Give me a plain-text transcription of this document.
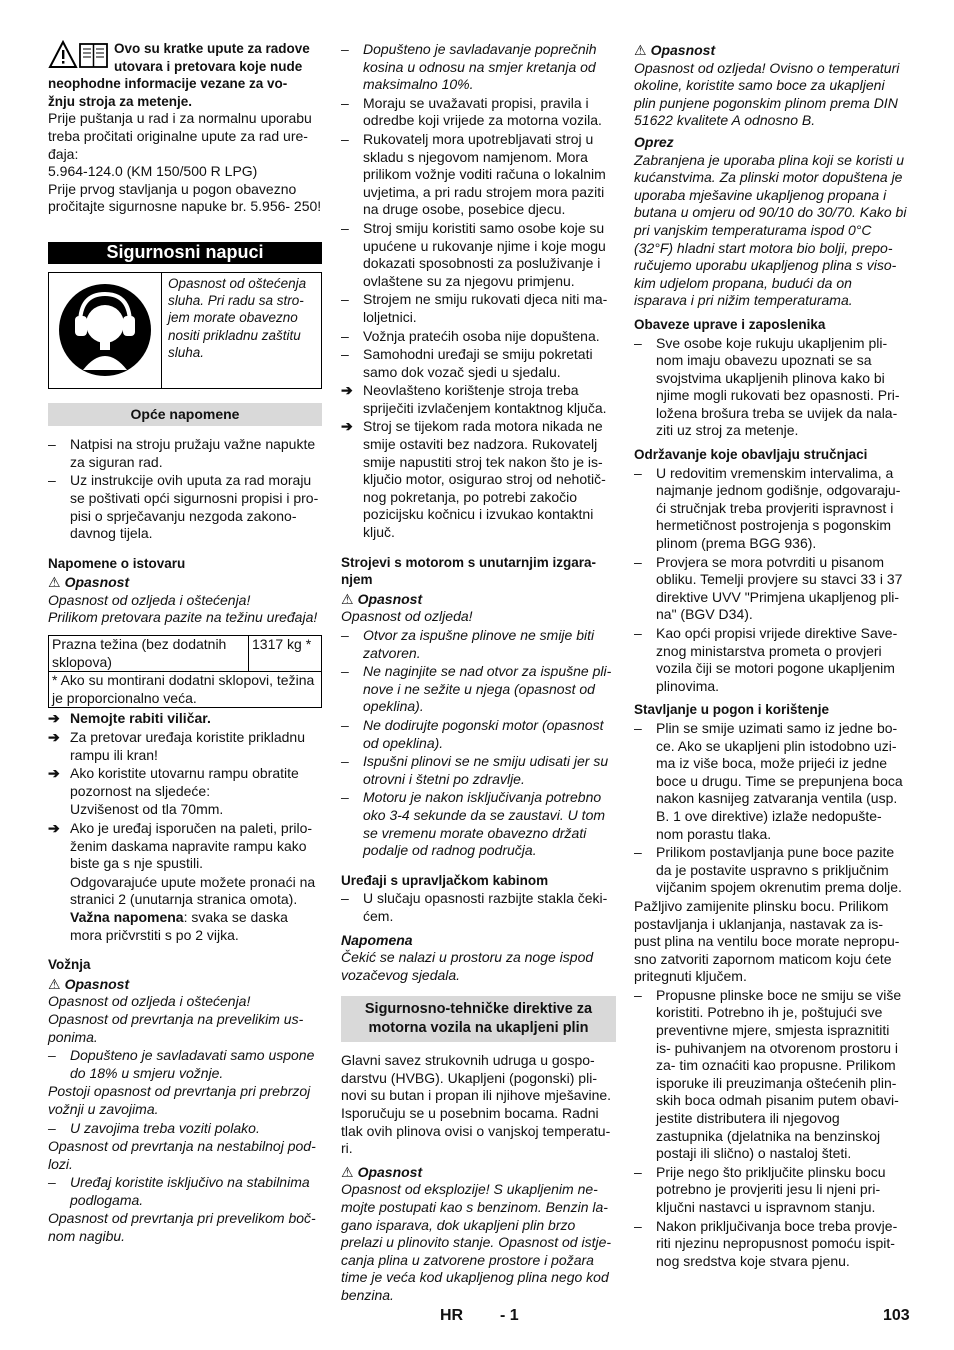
Ovo su kratke upute za radove utovara i pretovara koje nude

neophodne informacije vezane za vo-

žnju stroja za metenje.

Prije puštanja u rad i za normalnu uporabu treba pročitati originalne upute za rad ure- đaja:

5.964-124.0 (KM 150/500 R LPG)

Prije prvog stavljanja u pogon obavezno pročitajte sigurnosne napuke br. 5.956- 250!

Sigurnosni napuci
Opasnost od oštećenja sluha. Pri radu sa stro- jem morate obavezno nositi prikladnu zaštitu sluha.
Opće napomene

– Natpisi na stroju pružaju važne napukte za siguran rad.

– Uz instrukcije ovih uputa za rad moraju se poštivati opći sigurnosni propisi i pro- pisi o sprječavanju nezgoda zakono- davnog tijela.

Napomene o istovaru

⚠ Opasnost

Opasnost od ozljeda i oštećenja!

Prilikom pretovara pazite na težinu uređaja!

Prazna težina (bez dodatnih sklopova)	1317 kg *
* Ako su montirani dodatni sklopovi, težina je proporcionalno veća.

➔ Nemojte rabiti viličar.

➔ Za pretovar uređaja koristite prikladnu rampu ili kran!

➔ Ako koristite utovarnu rampu obratite pozornost na sljedeće:

Uzvišenost od tla 70mm.

➔ Ako je uređaj isporučen na paleti, prilo- ženim daskama napravite rampu kako biste ga s nje spustili.

Odgovarajuće upute možete pronaći na stranici 2 (unutarnja stranica omota).

Važna napomena: svaka se daska mora pričvrstiti s po 2 vijka.

Vožnja

⚠ Opasnost

Opasnost od ozljeda i oštećenja!

Opasnost od prevrtanja na prevelikim us- ponima.

– Dopušteno je savladavati samo uspone do 18% u smjeru vožnje.

Postoji opasnost od prevrtanja pri prebrzoj vožnji u zavojima.

– U zavojima treba voziti polako.

Opasnost od prevrtanja na nestabilnoj pod- lozi.

– Uređaj koristite isključivo na stabilnima podlogama.

Opasnost od prevrtanja pri prevelikom boč- nom nagibu.

– Dopušteno je savladavanje poprečnih kosina u odnosu na smjer kretanja od maksimalno 10%.

– Moraju se uvažavati propisi, pravila i odredbe koji vrijede za motorna vozila.

– Rukovatelj mora upotrebljavati stroj u skladu s njegovom namjenom. Mora prilikom vožnje voditi računa o lokalnim uvjetima, a pri radu strojem mora paziti na druge osobe, posebice djecu.

– Stroj smiju koristiti samo osobe koje su upućene u rukovanje njime i koje mogu dokazati sposobnosti za posluživanje i ovlaštene su za njegovu primjenu.

– Strojem ne smiju rukovati djeca niti ma- loljetnici.

– Vožnja pratećih osoba nije dopuštena.

– Samohodni uređaji se smiju pokretati samo dok vozač sjedi u sjedalu.

➔ Neovlašteno korištenje stroja treba spriječiti izvlačenjem kontaktnog ključa.

➔ Stroj se tijekom rada motora nikada ne smije ostaviti bez nadzora. Rukovatelj smije napustiti stroj tek nakon što je is- ključio motor, osigurao stroj od nehotič- nog pokretanja, po potrebi zakočio pozicijsku kočnicu i izvukao kontaktni ključ.

Strojevi s motorom s unutarnjim izgara- njem

⚠ Opasnost

Opasnost od ozljeda!

– Otvor za ispušne plinove ne smije biti zatvoren.

– Ne naginjite se nad otvor za ispušne pli- nove i ne sežite u njega (opasnost od opeklina).

– Ne dodirujte pogonski motor (opasnost od opeklina).

– Ispušni plinovi se ne smiju udisati jer su otrovni i štetni po zdravlje.

– Motoru je nakon isključivanja potrebno oko 3-4 sekunde da se zaustavi. U tom se vremenu morate obavezno držati podalje od radnog područja.

Uređaji s upravljačkom kabinom

– U slučaju opasnosti razbijte stakla čeki- ćem.

Napomena

Čekić se nalazi u prostoru za noge ispod vozačevog sjedala.

Sigurnosno-tehničke direktive za motorna vozila na ukapljeni plin

Glavni savez strukovnih udruga u gospo- darstvu (HVBG). Ukapljeni (pogonski) pli- novi su butan i propan ili njihove mješavine. Isporučuju se u posebnim bocama. Radni tlak ovih plinova ovisi o vanjskoj temperatu- ri.

⚠ Opasnost

Opasnost od eksplozije! S ukapljenim ne- mojte postupati kao s benzinom. Benzin la- gano isparava, dok ukapljeni plin brzo prelazi u plinovito stanje. Opasnost od istje- canja plina u zatvorene prostore i požara time je veća kod ukapljenog plina nego kod benzina.

⚠ Opasnost

Opasnost od ozljeda! Ovisno o temperaturi okoline, koristite samo boce za ukapljeni plin punjene pogonskim plinom prema DIN 51622 kvalitete A odnosno B.

Oprez

Zabranjena je uporaba plina koji se koristi u kućanstvima. Za plinski motor dopuštena je uporaba mješavine ukapljenog propana i butana u omjeru od 90/10 do 30/70. Kako bi pri vanjskim temperaturama ispod 0°C (32°F) hladni start motora bio bolji, prepo- ručujemo uporabu ukapljenog plina s viso- kim udjelom propana, budući da on isparava i pri nižim temperaturama.

Obaveze uprave i zaposlenika

– Sve osobe koje rukuju ukapljenim pli- nom imaju obavezu upoznati se sa svojstvima ukapljenih plinova kako bi njime mogli rukovati bez opasnosti. Pri- ložena brošura treba se uvijek da nala- ziti uz stroj za metenje.

Održavanje koje obavljaju stručnjaci

– U redovitim vremenskim intervalima, a najmanje jednom godišnje, odgovaraju- ći stručnjak treba provjeriti ispravnost i hermetičnost postrojenja s pogonskim plinom (prema BGG 936).

– Provjera se mora potvrditi u pisanom obliku. Temelji provjere su stavci 33 i 37 direktive UVV "Primjena ukapljenog pli- na" (BGV D34).

– Kao opći propisi vrijede direktive Save- znog ministarstva prometa o provjeri vozila čiji se motori pogone ukapljenim plinovima.

Stavljanje u pogon i korištenje

– Plin se smije uzimati samo iz jedne bo- ce. Ako se ukapljeni plin istodobno uzi- ma iz više boca, može prijeći iz jedne boce u drugu. Time se prepunjena boca nakon kasnijeg zatvaranja ventila (usp. B. 1 ove direktive) izlaže nedopušte- nom porastu tlaka.

– Prilikom postavljanja pune boce pazite da je postavite uspravno s priključnim vijčanim spojem okrenutim prema dolje.

Pažljivo zamijenite plinsku bocu. Prilikom postavljanja i uklanjanja, nastavak za is- pust plina na ventilu boce morate nepropu- sno zatvoriti zapornom maticom koju ćete pritegnuti ključem.

– Propusne plinske boce ne smiju se više koristiti. Potrebno ih je, poštujući sve preventivne mjere, smjesta ispraznititi is- puhivanjem na otvorenom prostoru i za- tim oznaćiti kao propusne. Prilikom isporuke ili preuzimanja oštećenih plin- skih boca odmah pisanim putem obavi- jestite distributera ili njegovog zastupnika (djelatnika na benzinskoj postaji ili slično) o nastaloj šteti.

– Prije nego što priključite plinsku bocu potrebno je provjeriti jesu li njeni pri- ključni nastavci u ispravnom stanju.

– Nakon priključivanja boce treba provje- riti njezinu nepropusnost pomoću ispit- nog sredstva koje stvara pjenu.

HR - 1	103
